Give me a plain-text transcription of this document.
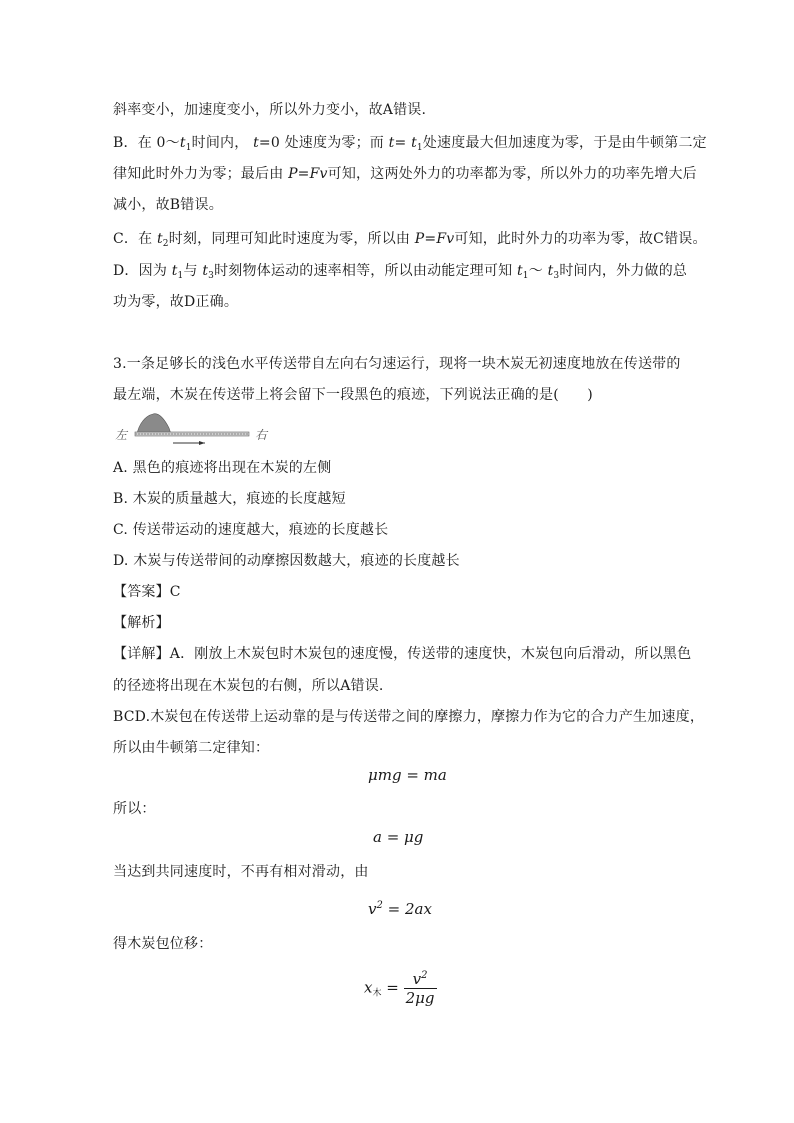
斜率变小，加速度变小，所以外力变小，故A错误.
B．在 $0\sim t_1$时间内， t=0 处速度为零；而 $t= t_1$处速度最大但加速度为零，于是由牛顿第二定
律知此时外力为零；最后由 P=Fv可知，这两处外力的功率都为零，所以外力的功率先增大后
减小，故B错误。
C．在 $t_2$时刻，同理可知此时速度为零，所以由 P=Fv可知，此时外力的功率为零，故C错误。
D．因为 $t_1$与 $t_3$时刻物体运动的速率相等，所以由动能定理可知 $t_1\sim$ $t_3$时间内，外力做的总
功为零，故D正确。
3.一条足够长的浅色水平传送带自左向右匀速运行，现将一块木炭无初速度地放在传送带的
最左端，木炭在传送带上将会留下一段黑色的痕迹，下列说法正确的是(　　)
左	右
A. 黑色的痕迹将出现在木炭的左侧
B. 木炭的质量越大，痕迹的长度越短
C. 传送带运动的速度越大，痕迹的长度越长
D. 木炭与传送带间的动摩擦因数越大，痕迹的长度越长
【答案】C
【解析】
【详解】A．刚放上木炭包时木炭包的速度慢，传送带的速度快，木炭包向后滑动，所以黑色
的径迹将出现在木炭包的右侧，所以A错误.
BCD.木炭包在传送带上运动靠的是与传送带之间的摩擦力，摩擦力作为它的合力产生加速度，
所以由牛顿第二定律知：
μmg = ma
所以：
a = μg
当达到共同速度时，不再有相对滑动，由
$v^2 = 2ax$
得木炭包位移：
$x_木 = \frac{v^2}{2\mu g}$
